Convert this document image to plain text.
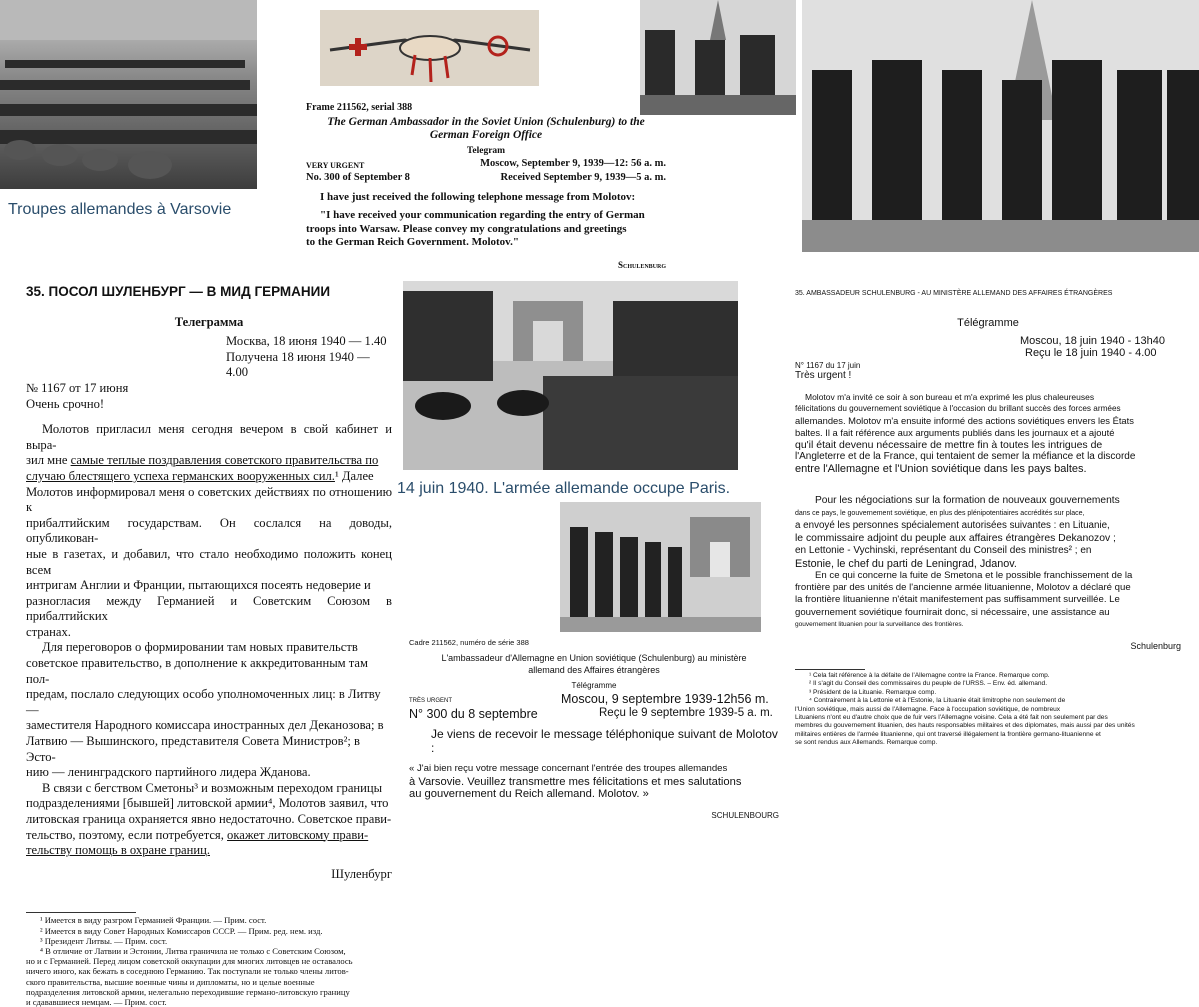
Troupes allemandes à Varsovie
14 juin 1940. L'armée allemande occupe Paris.
Frame 211562, serial 388
The German Ambassador in the Soviet Union (Schulenburg) to the
German Foreign Office
Telegram
VERY URGENT	Moscow, September 9, 1939—12: 56 a. m.
No. 300 of September 8	Received September 9, 1939—5 a. m.
I have just received the following telephone message from Molotov:
"I have received your communication regarding the entry of German
troops into Warsaw. Please convey my congratulations and greetings
to the German Reich Government. Molotov."
Schulenburg
35. ПОСОЛ ШУЛЕНБУРГ — В МИД ГЕРМАНИИ
Телеграмма
Москва, 18 июня 1940 — 1.40
Получена 18 июня 1940 — 4.00
№ 1167 от 17 июня
Очень срочно!
Молотов пригласил меня сегодня вечером в свой кабинет и выра-
зил мне самые теплые поздравления советского правительства по
случаю блестящего успеха германских вооруженных сил.¹ Далее
Молотов информировал меня о советских действиях по отношению к
прибалтийским государствам. Он сослался на доводы, опубликован-
ные в газетах, и добавил, что стало необходимо положить конец всем
интригам Англии и Франции, пытающихся посеять недоверие и
разногласия между Германией и Советским Союзом в прибалтийских
странах.
Для переговоров о формировании там новых правительств
советское правительство, в дополнение к аккредитованным там пол-
предам, послало следующих особо уполномоченных лиц: в Литву —
заместителя Народного комиссара иностранных дел Деканозова; в
Латвию — Вышинского, представителя Совета Министров²; в Эсто-
нию — ленинградского партийного лидера Жданова.
В связи с бегством Сметоны³ и возможным переходом границы
подразделениями [бывшей] литовской армии⁴, Молотов заявил, что
литовская граница охраняется явно недостаточно. Советское прави-
тельство, поэтому, если потребуется, окажет литовскому прави-
тельству помощь в охране границ.
Шуленбург
¹ Имеется в виду разгром Германией Франции. — Прим. сост.
² Имеется в виду Совет Народных Комиссаров СССР. — Прим. ред. нем. изд.
³ Президент Литвы. — Прим. сост.
⁴ В отличие от Латвии и Эстонии, Литва граничила не только с Советским Союзом,
но и с Германией. Перед лицом советской оккупации для многих литовцев не оставалось
ничего иного, как бежать в соседнюю Германию. Так поступали не только члены литов-
ского правительства, высшие военные чины и дипломаты, но и целые военные
подразделения литовской армии, нелегально переходившие германо-литовскую границу
и сдававшиеся немцам. — Прим. сост.
Cadre 211562, numéro de série 388
L'ambassadeur d'Allemagne en Union soviétique (Schulenburg) au ministère
allemand des Affaires étrangères
Télégramme
TRÈS URGENT	Moscou, 9 septembre 1939-12h56 m.
N° 300 du 8 septembre	Reçu le 9 septembre 1939-5 a. m.
Je viens de recevoir le message téléphonique suivant de Molotov :
« J'ai bien reçu votre message concernant l'entrée des troupes allemandes
à Varsovie. Veuillez transmettre mes félicitations et mes salutations
au gouvernement du Reich allemand. Molotov. »
SCHULENBOURG
35. AMBASSADEUR SCHULENBURG - AU MINISTÈRE ALLEMAND DES AFFAIRES ÉTRANGÈRES
Télégramme
Moscou, 18 juin 1940 - 13h40
Reçu le 18 juin 1940 - 4.00
N° 1167 du 17 juin
Très urgent !
Molotov m'a invité ce soir à son bureau et m'a exprimé les plus chaleureuses
félicitations du gouvernement soviétique à l'occasion du brillant succès des forces armées
allemandes. Molotov m'a ensuite informé des actions soviétiques envers les États
baltes. Il a fait référence aux arguments publiés dans les journaux et a ajouté
qu'il était devenu nécessaire de mettre fin à toutes les intrigues de
l'Angleterre et de la France, qui tentaient de semer la méfiance et la discorde
entre l'Allemagne et l'Union soviétique dans les pays baltes.
Pour les négociations sur la formation de nouveaux gouvernements
dans ce pays, le gouvernement soviétique, en plus des plénipotentiaires accrédités sur place,
a envoyé les personnes spécialement autorisées suivantes : en Lituanie,
le commissaire adjoint du peuple aux affaires étrangères Dekanozov ;
en Lettonie - Vychinski, représentant du Conseil des ministres² ; en
Estonie, le chef du parti de Leningrad, Jdanov.
En ce qui concerne la fuite de Smetona et le possible franchissement de la
frontière par des unités de l'ancienne armée lituanienne, Molotov a déclaré que
la frontière lituanienne n'était manifestement pas suffisamment surveillée. Le
gouvernement soviétique fournirait donc, si nécessaire, une assistance au
gouvernement lituanien pour la surveillance des frontières.
Schulenburg
¹ Cela fait référence à la défaite de l'Allemagne contre la France. Remarque comp.
² Il s'agit du Conseil des commissaires du peuple de l'URSS. – Env. éd. allemand.
³ Président de la Lituanie. Remarque comp.
⁴ Contrairement à la Lettonie et à l'Estonie, la Lituanie était limitrophe non seulement de
l'Union soviétique, mais aussi de l'Allemagne. Face à l'occupation soviétique, de nombreux
Lituaniens n'ont eu d'autre choix que de fuir vers l'Allemagne voisine. Cela a été fait non seulement par des
membres du gouvernement lituanien, des hauts responsables militaires et des diplomates, mais aussi par des unités
militaires entières de l'armée lituanienne, qui ont traversé illégalement la frontière germano-lituanienne et
se sont rendus aux Allemands. Remarque comp.
